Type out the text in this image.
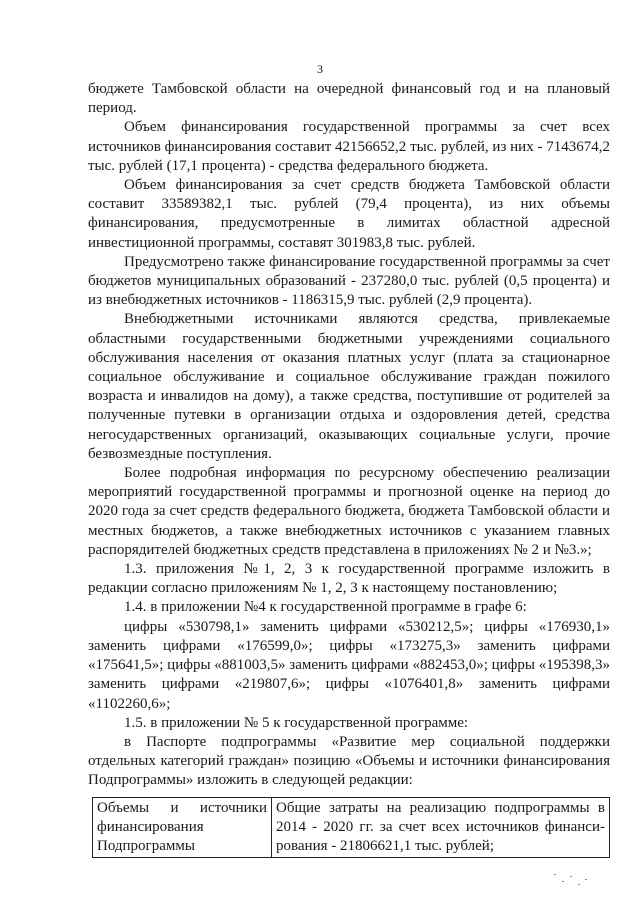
3

бюджете Тамбовской области на очередной финансовый год и на плановый период.

Объем финансирования государственной программы за счет всех источников финансирования составит 42156652,2 тыс. рублей, из них - 7143674,2 тыс. рублей (17,1 процента) - средства федерального бюджета.

Объем финансирования за счет средств бюджета Тамбовской области составит 33589382,1 тыс. рублей (79,4 процента), из них объемы финансирования, предусмотренные в лимитах областной адресной инвестиционной программы, составят 301983,8 тыс. рублей.

Предусмотрено также финансирование государственной программы за счет бюджетов муниципальных образований - 237280,0 тыс. рублей (0,5 процента) и из внебюджетных источников - 1186315,9 тыс. рублей (2,9 процента).

Внебюджетными источниками являются средства, привлекаемые областными государственными бюджетными учреждениями социального обслуживания населения от оказания платных услуг (плата за стационарное социальное обслуживание и социальное обслуживание граждан пожилого возраста и инвалидов на дому), а также средства, поступившие от родителей за полученные путевки в организации отдыха и оздоровления детей, средства негосударственных организаций, оказывающих социальные услуги, прочие безвозмездные поступления.

Более подробная информация по ресурсному обеспечению реализации мероприятий государственной программы и прогнозной оценке на период до 2020 года за счет средств федерального бюджета, бюджета Тамбовской области и местных бюджетов, а также внебюджетных источников с указанием главных распорядителей бюджетных средств представлена в приложениях № 2 и №3.»;

1.3. приложения №1, 2, 3 к государственной программе изложить в редакции согласно приложениям № 1, 2, 3 к настоящему постановлению;

1.4. в приложении №4 к государственной программе в графе 6:

цифры «530798,1» заменить цифрами «530212,5»; цифры «176930,1» заменить цифрами «176599,0»; цифры «173275,3» заменить цифрами «175641,5»; цифры «881003,5» заменить цифрами «882453,0»; цифры «195398,3» заменить цифрами «219807,6»; цифры «1076401,8» заменить цифрами «1102260,6»;

1.5. в приложении № 5 к государственной программе:

в Паспорте подпрограммы «Развитие мер социальной поддержки отдельных категорий граждан» позицию «Объемы и источники финансирования Подпрограммы» изложить в следующей редакции:

Объемы и источники финансирования Подпрограммы	Общие затраты на реализацию подпрограммы в 2014 - 2020 гг. за счет всех источников финанси-рования - 21806621,1 тыс. рублей;
